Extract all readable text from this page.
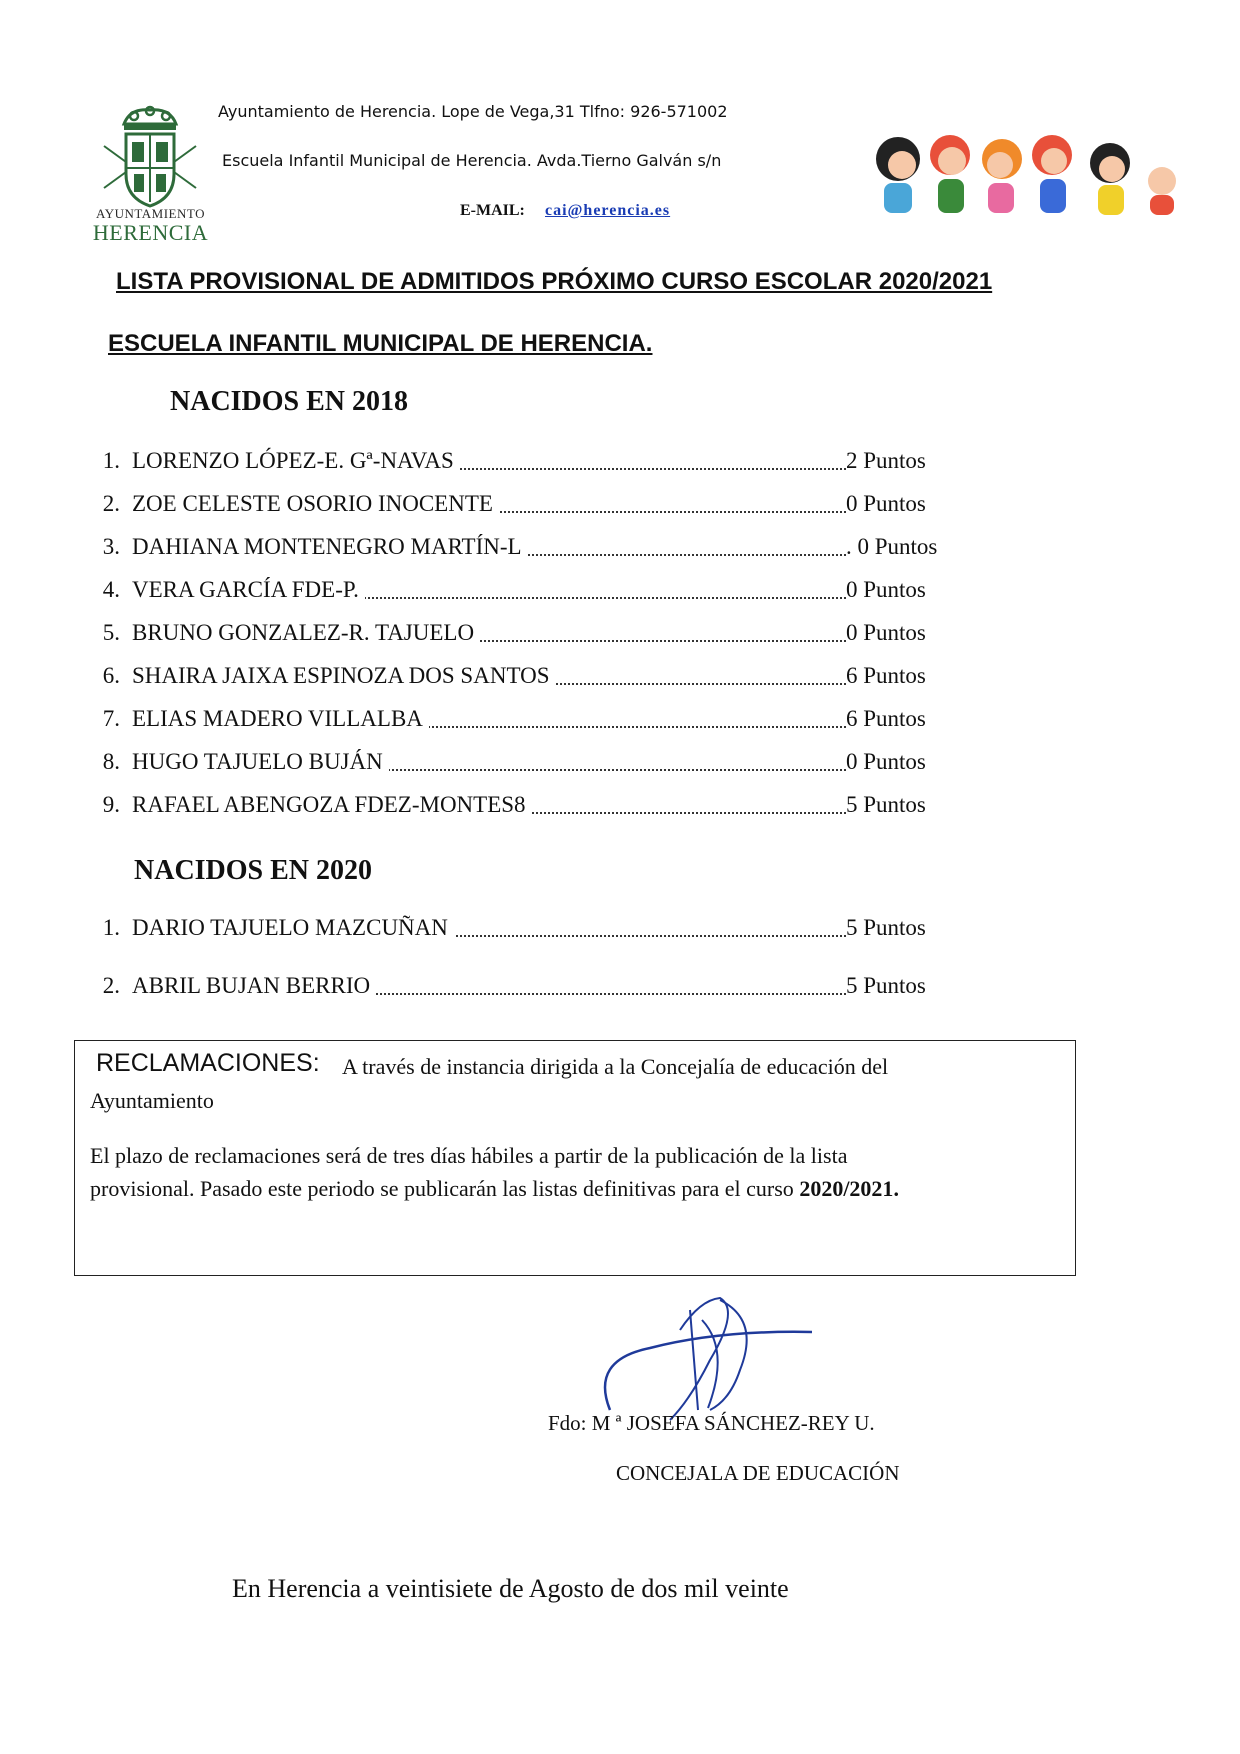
AYUNTAMIENTO
HERENCIA
Ayuntamiento de Herencia. Lope de Vega,31 Tlfno: 926-571002
Escuela Infantil Municipal de Herencia. Avda.Tierno Galván s/n
E-MAIL: cai@herencia.es
LISTA PROVISIONAL DE ADMITIDOS PRÓXIMO CURSO ESCOLAR 2020/2021
ESCUELA INFANTIL MUNICIPAL DE HERENCIA.
NACIDOS EN 2018
1. LORENZO LÓPEZ-E. Gª-NAVAS	2 Puntos
2. ZOE CELESTE OSORIO INOCENTE	0 Puntos
3. DAHIANA MONTENEGRO MARTÍN-L	. 0 Puntos
4. VERA GARCÍA FDE-P.	0 Puntos
5. BRUNO GONZALEZ-R. TAJUELO	0 Puntos
6. SHAIRA JAIXA ESPINOZA DOS SANTOS	6 Puntos
7. ELIAS MADERO VILLALBA	6 Puntos
8. HUGO TAJUELO BUJÁN	0 Puntos
9. RAFAEL ABENGOZA FDEZ-MONTES8	5 Puntos
NACIDOS EN 2020
1. DARIO TAJUELO MAZCUÑAN	5 Puntos
2. ABRIL BUJAN BERRIO	5 Puntos
RECLAMACIONES: A través de instancia dirigida a la Concejalía de educación del
Ayuntamiento
El plazo de reclamaciones será de tres días hábiles a partir de la publicación de la lista
provisional. Pasado este periodo se publicarán las listas definitivas para el curso 2020/2021.
Fdo: M ª JOSEFA SÁNCHEZ-REY U.
CONCEJALA DE EDUCACIÓN
En Herencia a veintisiete de Agosto de dos mil veinte
